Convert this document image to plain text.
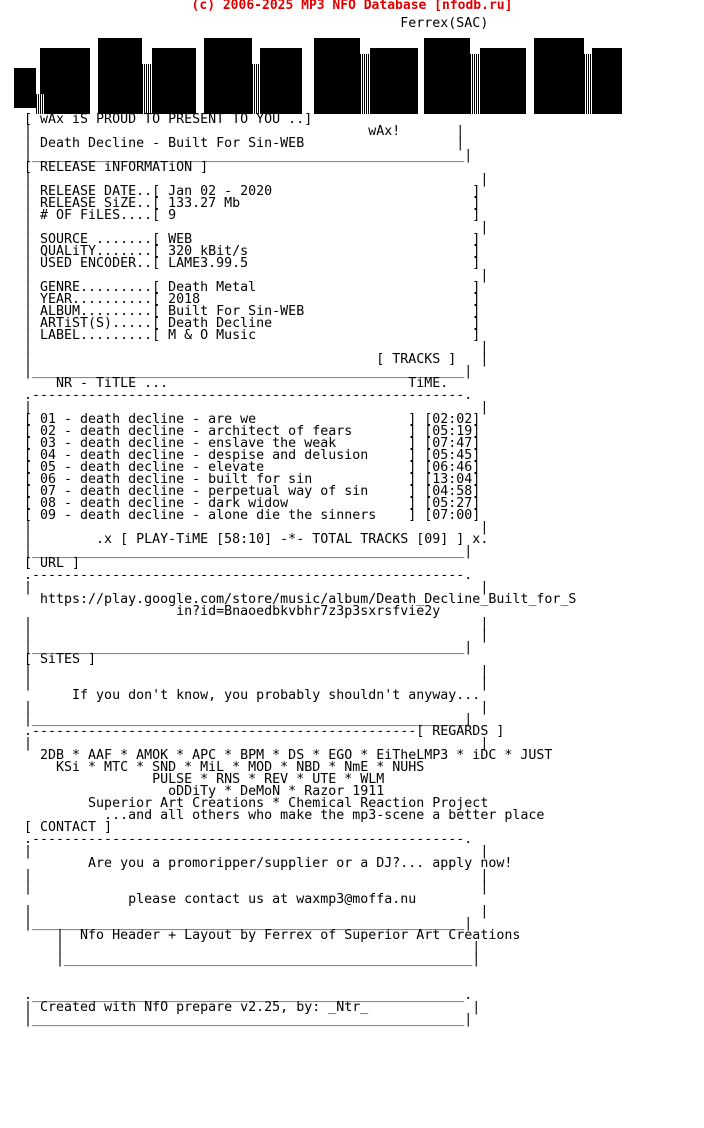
(c) 2006-2025 MP3 NFO Database [nfodb.ru]
Ferrex(SAC)
[ wAx iS PROUD TO PRESENT TO YOU ..]
|                                          wAx!       |
| Death Decline - Built For Sin-WEB                   |
|______________________________________________________|
[ RELEASE iNFORMATiON ]
|                                                        |
| RELEASE DATE..[ Jan 02 - 2020                         ]
| RELEASE SiZE..[ 133.27 Mb                             ]
| # OF FiLES....[ 9                                     ]
|                                                        |
| SOURCE .......[ WEB                                   ]
| QUALiTY.......[ 320 kBit/s                            ]
| USED ENCODER..[ LAME3.99.5                            ]
|                                                        |
| GENRE.........[ Death Metal                           ]
| YEAR..........[ 2018                                  ]
| ALBUM.........[ Built For Sin-WEB                     ]
| ARTiST(S).....[ Death Decline                         ]
| LABEL.........[ M & O Music                           ]
|                                                        |
|                                           [ TRACKS ]   |
|______________________________________________________|
NR - TiTLE ...                              TiME.
.------------------------------------------------------.
|                                                        |
[ 01 - death decline - are we                   ] [02:02]
[ 02 - death decline - architect of fears       ] [05:19]
[ 03 - death decline - enslave the weak         ] [07:47]
[ 04 - death decline - despise and delusion     ] [05:45]
[ 05 - death decline - elevate                  ] [06:46]
[ 06 - death decline - built for sin            ] [13:04]
[ 07 - death decline - perpetual way of sin     ] [04:58]
[ 08 - death decline - dark widow               ] [05:27]
[ 09 - death decline - alone die the sinners    ] [07:00]
|                                                        |
|        .x [ PLAY-TiME [58:10] -*- TOTAL TRACKS [09] ] x.
|______________________________________________________|
[ URL ]
.------------------------------------------------------.
|                                                        |
https://play.google.com/store/music/album/Death_Decline_Built_for_S
in?id=Bnaoedbkvbhr7z3p3sxrsfvie2y
|                                                        |
|                                                        |
|______________________________________________________|
[ SiTES ]
|                                                        |
|                                                        |
If you don't know, you probably shouldn't anyway...
|                                                        |
|______________________________________________________|
.------------------------------------------------[ REGARDS ]
|                                                        |
2DB * AAF * AMOK * APC * BPM * DS * EGO * EiTheLMP3 * iDC * JUST
KSi * MTC * SND * MiL * MOD * NBD * NmE * NUHS
PULSE * RNS * REV * UTE * WLM
oDDiTy * DeMoN * Razor 1911
Superior Art Creations * Chemical Reaction Project
...and all others who make the mp3-scene a better place
[ CONTACT ]
.------------------------------------------------------.
|                                                        |
Are you a promoripper/supplier or a DJ?... apply now!
|                                                        |
|                                                        |
please contact us at waxmp3@moffa.nu
|                                                        |
|______________________________________________________|
|  Nfo Header + Layout by Ferrex of Superior Art Creations
|                                                   |
|___________________________________________________|
.______________________________________________________.
| Created with NfO prepare v2.25, by: _Ntr_             |
|______________________________________________________|
